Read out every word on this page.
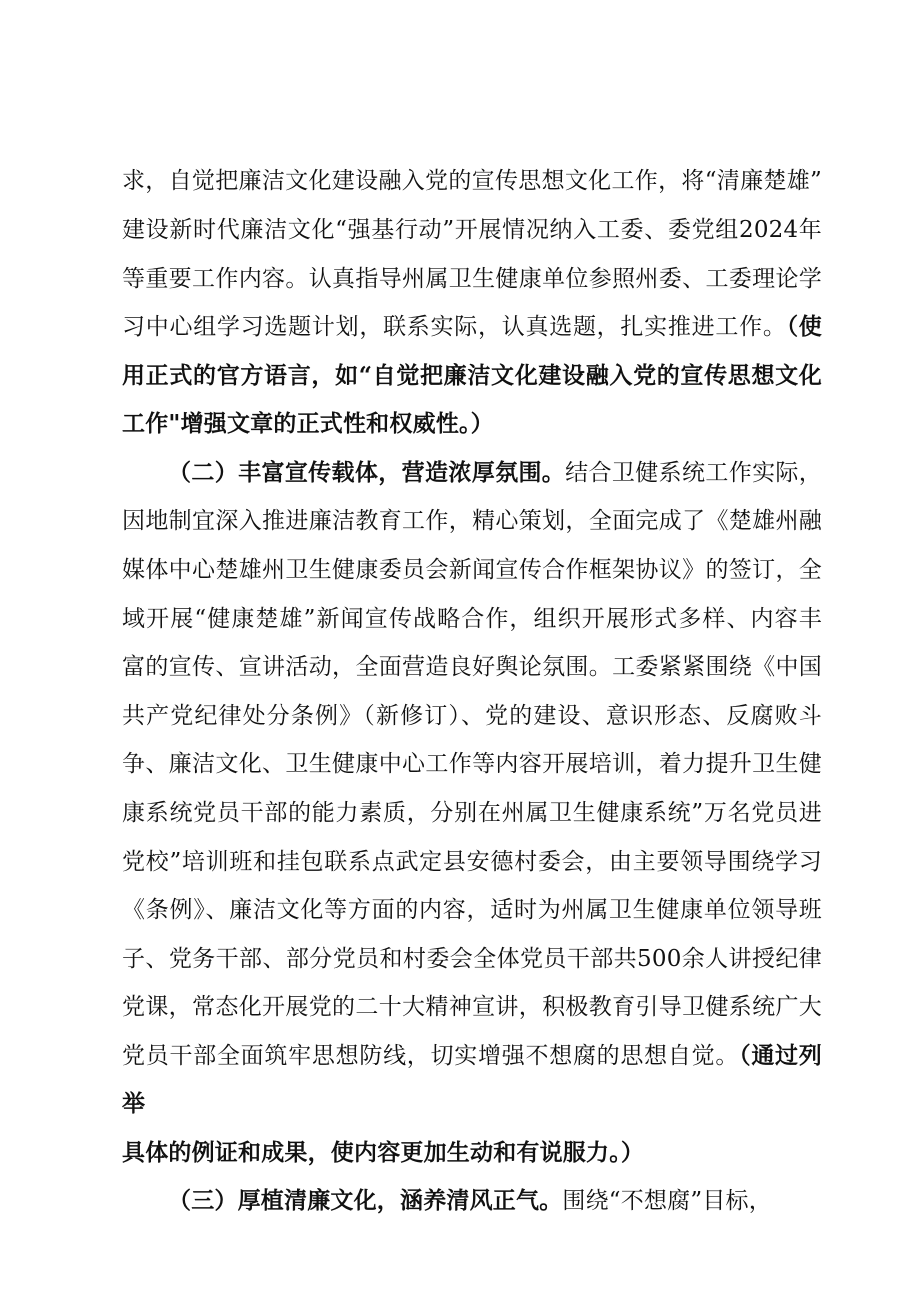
求，自觉把廉洁文化建设融入党的宣传思想文化工作，将“清廉楚雄”
建设新时代廉洁文化“强基行动”开展情况纳入工委、委党组2024年
等重要工作内容。认真指导州属卫生健康单位参照州委、工委理论学
习中心组学习选题计划，联系实际，认真选题，扎实推进工作。（使
用正式的官方语言，如“自觉把廉洁文化建设融入党的宣传思想文化
工作"增强文章的正式性和权威性。）
（二）丰富宣传载体，营造浓厚氛围。结合卫健系统工作实际，
因地制宜深入推进廉洁教育工作，精心策划，全面完成了《楚雄州融
媒体中心楚雄州卫生健康委员会新闻宣传合作框架协议》的签订，全
域开展“健康楚雄”新闻宣传战略合作，组织开展形式多样、内容丰
富的宣传、宣讲活动，全面营造良好舆论氛围。工委紧紧围绕《中国
共产党纪律处分条例》（新修订）、党的建设、意识形态、反腐败斗
争、廉洁文化、卫生健康中心工作等内容开展培训，着力提升卫生健
康系统党员干部的能力素质，分别在州属卫生健康系统”万名党员进
党校”培训班和挂包联系点武定县安德村委会，由主要领导围绕学习
《条例》、廉洁文化等方面的内容，适时为州属卫生健康单位领导班
子、党务干部、部分党员和村委会全体党员干部共500余人讲授纪律
党课，常态化开展党的二十大精神宣讲，积极教育引导卫健系统广大
党员干部全面筑牢思想防线，切实增强不想腐的思想自觉。（通过列
举
具体的例证和成果，使内容更加生动和有说服力。）
（三）厚植清廉文化，涵养清风正气。围绕“不想腐”目标，
